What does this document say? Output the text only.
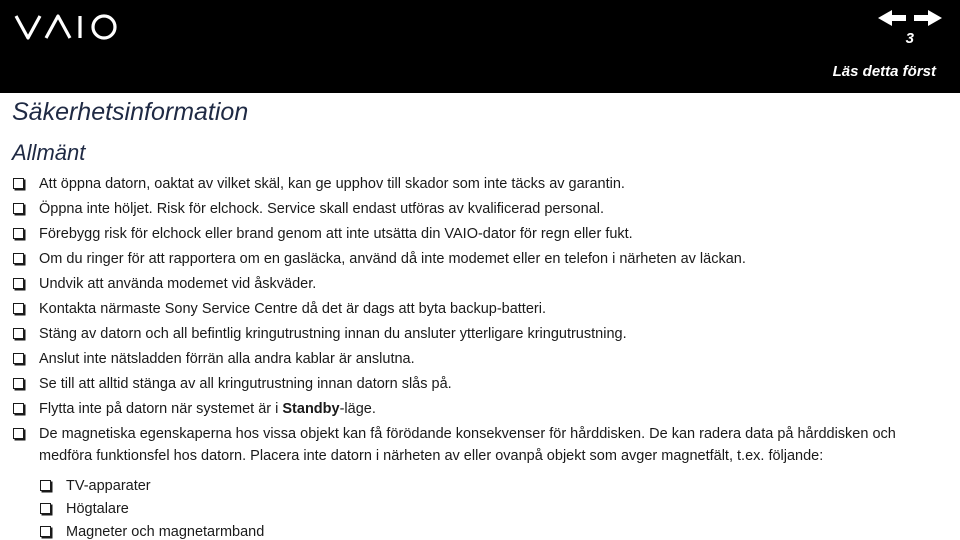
3
Läs detta först
Säkerhetsinformation
Allmänt
Att öppna datorn, oaktat av vilket skäl, kan ge upphov till skador som inte täcks av garantin.
Öppna inte höljet. Risk för elchock. Service skall endast utföras av kvalificerad personal.
Förebygg risk för elchock eller brand genom att inte utsätta din VAIO-dator för regn eller fukt.
Om du ringer för att rapportera om en gasläcka, använd då inte modemet eller en telefon i närheten av läckan.
Undvik att använda modemet vid åskväder.
Kontakta närmaste Sony Service Centre då det är dags att byta backup-batteri.
Stäng av datorn och all befintlig kringutrustning innan du ansluter ytterligare kringutrustning.
Anslut inte nätsladden förrän alla andra kablar är anslutna.
Se till att alltid stänga av all kringutrustning innan datorn slås på.
Flytta inte på datorn när systemet är i Standby-läge.
De magnetiska egenskaperna hos vissa objekt kan få förödande konsekvenser för hårddisken. De kan radera data på hårddisken och medföra funktionsfel hos datorn. Placera inte datorn i närheten av eller ovanpå objekt som avger magnetfält, t.ex. följande:
TV-apparater
Högtalare
Magneter och magnetarmband
